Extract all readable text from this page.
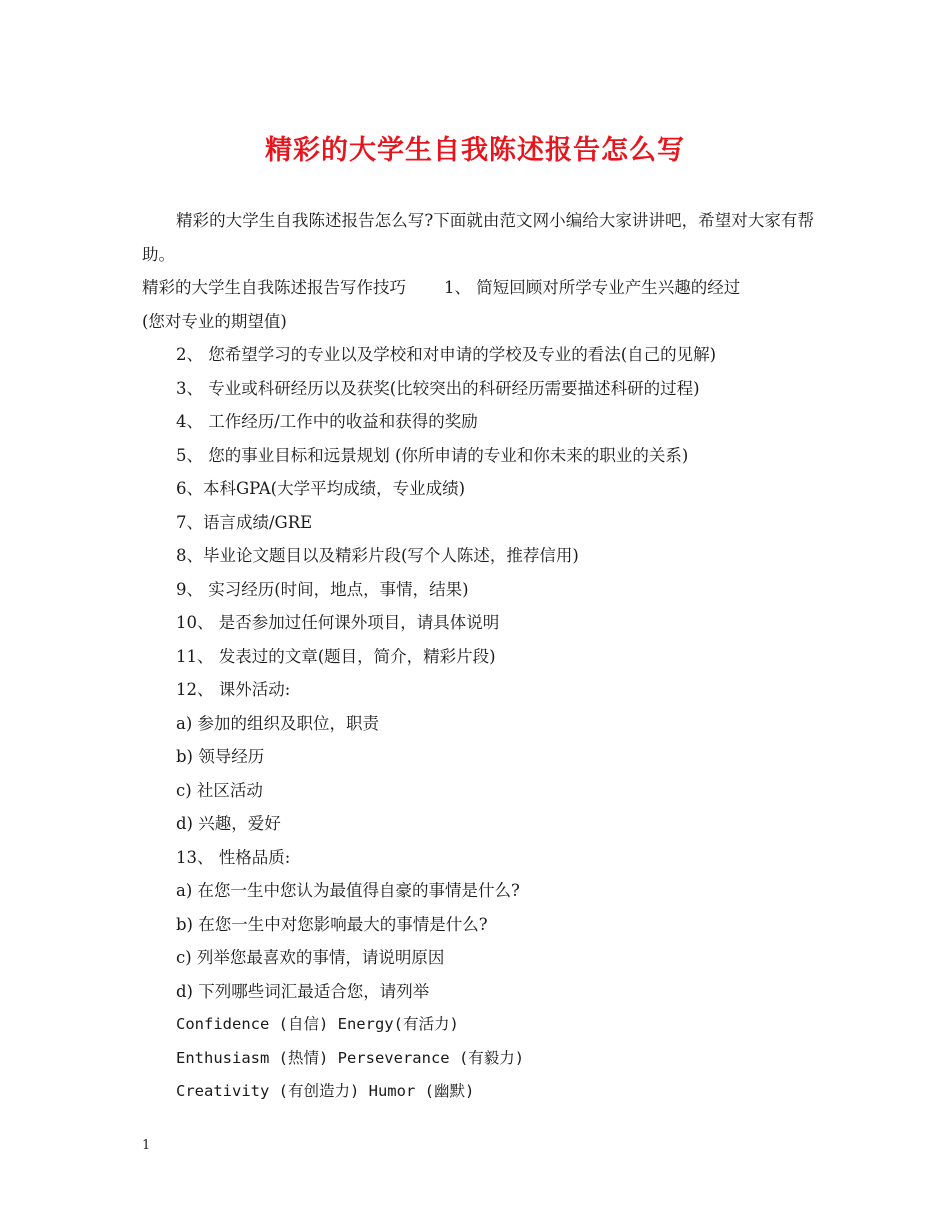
精彩的大学生自我陈述报告怎么写
精彩的大学生自我陈述报告怎么写?下面就由范文网小编给大家讲讲吧，希望对大家有帮助。
精彩的大学生自我陈述报告写作技巧 1、 简短回顾对所学专业产生兴趣的经过
(您对专业的期望值)
2、 您希望学习的专业以及学校和对申请的学校及专业的看法(自己的见解)
3、 专业或科研经历以及获奖(比较突出的科研经历需要描述科研的过程)
4、 工作经历/工作中的收益和获得的奖励
5、 您的事业目标和远景规划 (你所申请的专业和你未来的职业的关系)
6、本科GPA(大学平均成绩，专业成绩)
7、语言成绩/GRE
8、毕业论文题目以及精彩片段(写个人陈述，推荐信用)
9、 实习经历(时间，地点，事情，结果)
10、 是否参加过任何课外项目，请具体说明
11、 发表过的文章(题目，简介，精彩片段)
12、 课外活动:
a) 参加的组织及职位，职责
b) 领导经历
c) 社区活动
d) 兴趣，爱好
13、 性格品质:
a) 在您一生中您认为最值得自豪的事情是什么?
b) 在您一生中对您影响最大的事情是什么?
c) 列举您最喜欢的事情，请说明原因
d) 下列哪些词汇最适合您，请列举
Confidence (自信) Energy(有活力)
Enthusiasm (热情) Perseverance (有毅力)
Creativity (有创造力) Humor (幽默)
1
